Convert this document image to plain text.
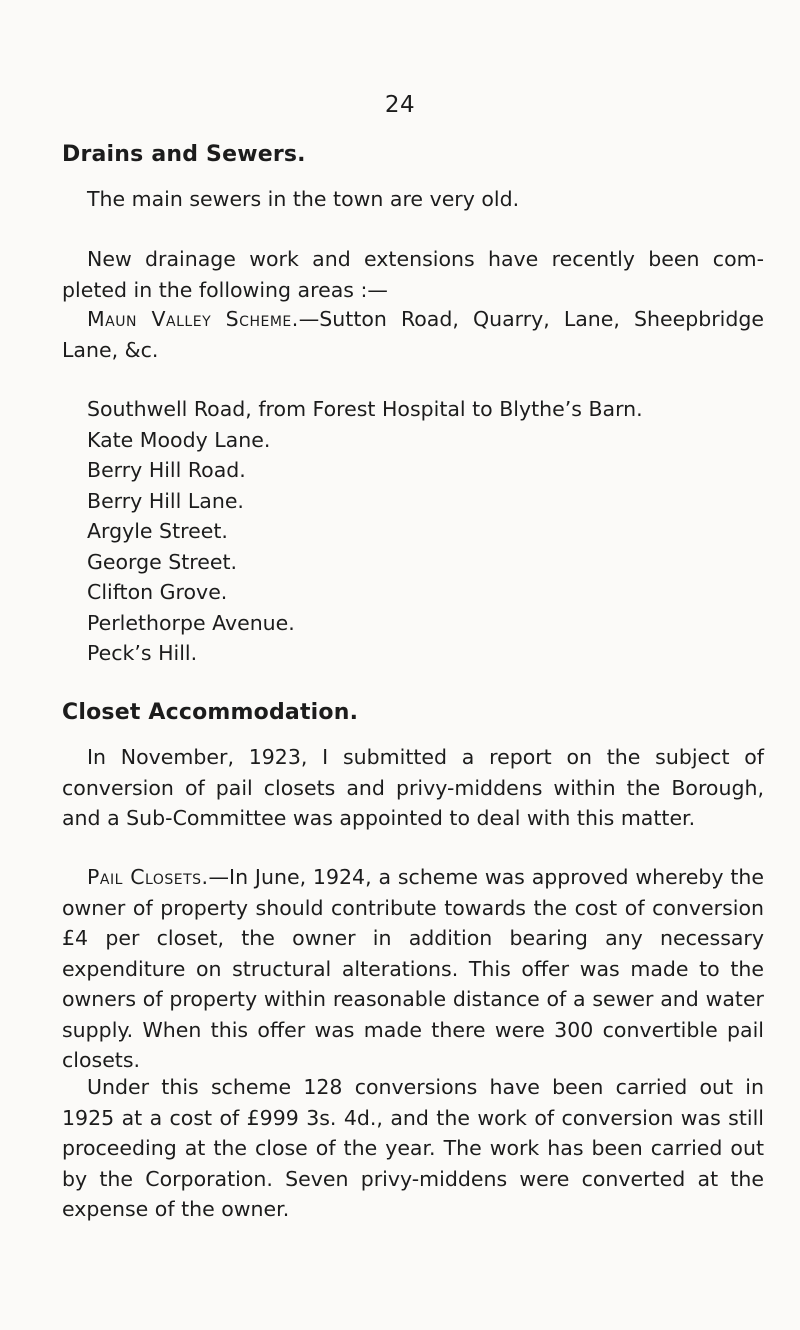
24
Drains and Sewers.

The main sewers in the town are very old.

New drainage work and extensions have recently been completed in the following areas :—

Maun Valley Scheme.—Sutton Road, Quarry, Lane, Sheepbridge Lane, &c.

Southwell Road, from Forest Hospital to Blythe’s Barn.
Kate Moody Lane.
Berry Hill Road.
Berry Hill Lane.
Argyle Street.
George Street.
Clifton Grove.
Perlethorpe Avenue.
Peck’s Hill.
Closet Accommodation.

In November, 1923, I submitted a report on the subject of conversion of pail closets and privy-middens within the Borough, and a Sub-Committee was appointed to deal with this matter.

Pail Closets.—In June, 1924, a scheme was approved whereby the owner of property should contribute towards the cost of conversion £4 per closet, the owner in addition bearing any necessary expenditure on structural alterations. This offer was made to the owners of property within reasonable distance of a sewer and water supply. When this offer was made there were 300 convertible pail closets.

Under this scheme 128 conversions have been carried out in 1925 at a cost of £999 3s. 4d., and the work of conversion was still proceeding at the close of the year. The work has been carried out by the Corporation. Seven privy-middens were converted at the expense of the owner.
